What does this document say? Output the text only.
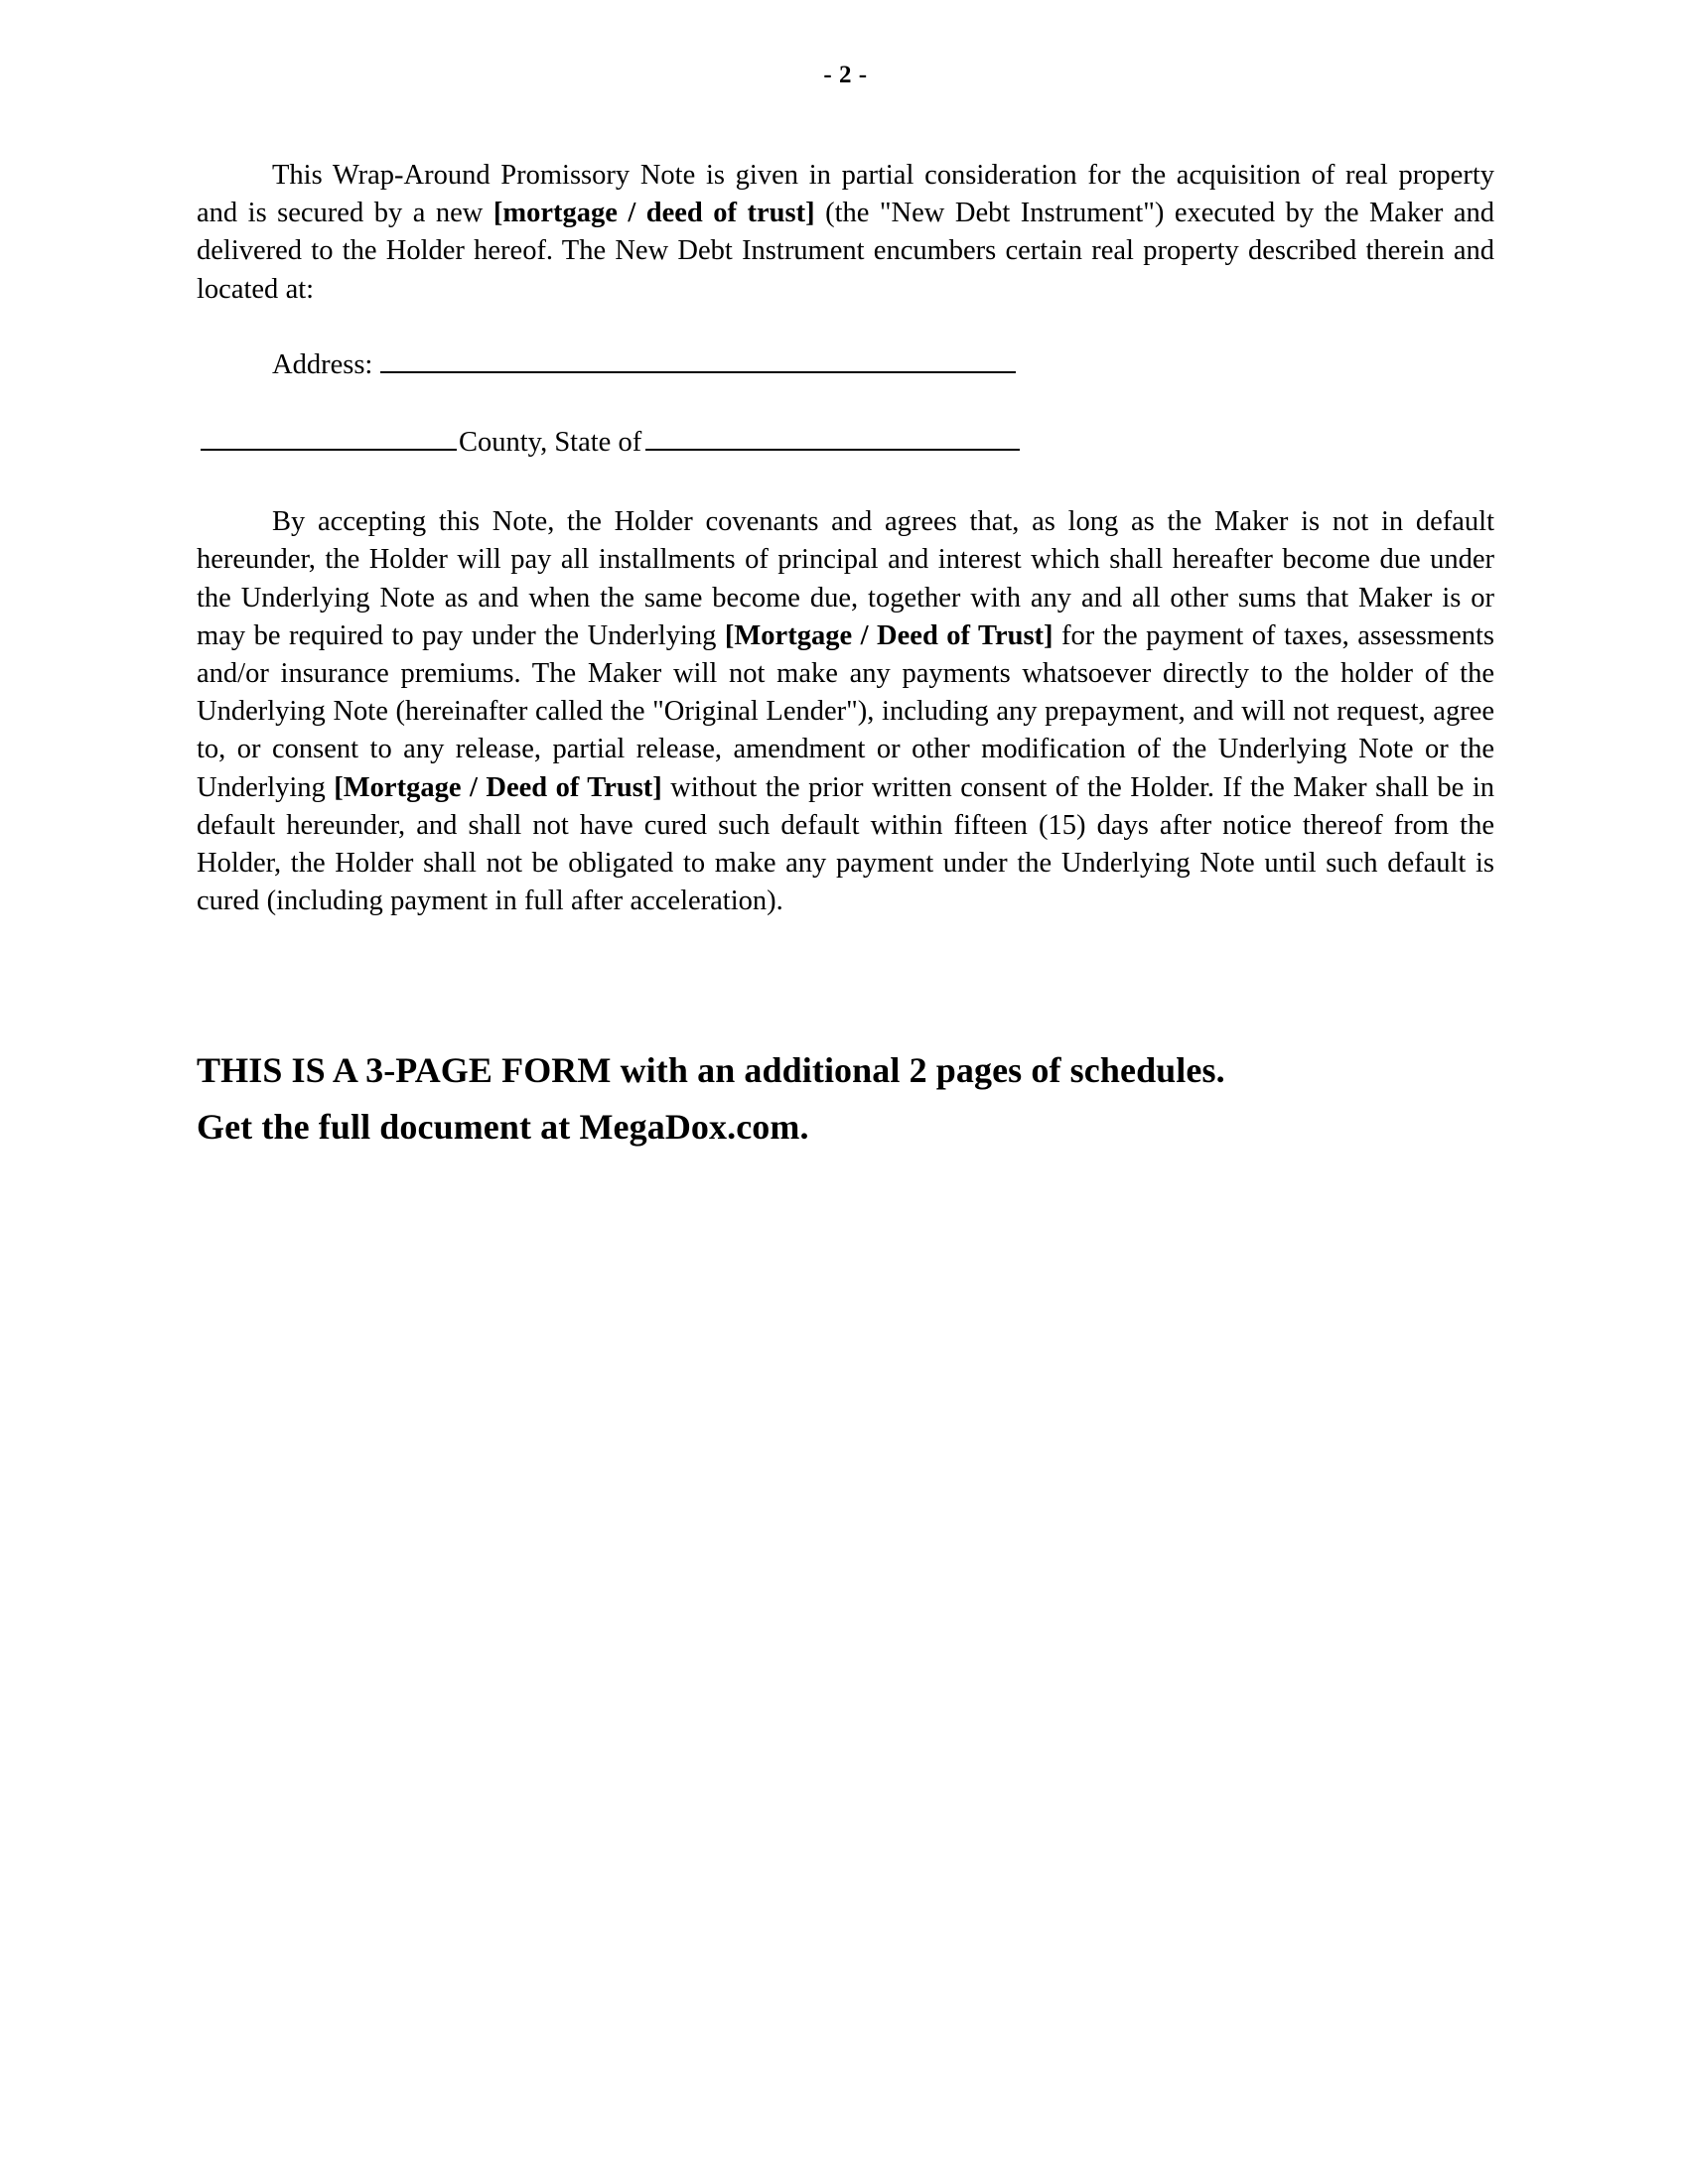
- 2 -

This Wrap-Around Promissory Note is given in partial consideration for the acquisition of real property and is secured by a new [mortgage / deed of trust] (the "New Debt Instrument") executed by the Maker and delivered to the Holder hereof. The New Debt Instrument encumbers certain real property described therein and located at:

Address:
County, State of

By accepting this Note, the Holder covenants and agrees that, as long as the Maker is not in default hereunder, the Holder will pay all installments of principal and interest which shall hereafter become due under the Underlying Note as and when the same become due, together with any and all other sums that Maker is or may be required to pay under the Underlying [Mortgage / Deed of Trust] for the payment of taxes, assessments and/or insurance premiums. The Maker will not make any payments whatsoever directly to the holder of the Underlying Note (hereinafter called the "Original Lender"), including any prepayment, and will not request, agree to, or consent to any release, partial release, amendment or other modification of the Underlying Note or the Underlying [Mortgage / Deed of Trust] without the prior written consent of the Holder. If the Maker shall be in default hereunder, and shall not have cured such default within fifteen (15) days after notice thereof from the Holder, the Holder shall not be obligated to make any payment under the Underlying Note until such default is cured (including payment in full after acceleration).

THIS IS A 3-PAGE FORM with an additional 2 pages of schedules.
Get the full document at MegaDox.com.
